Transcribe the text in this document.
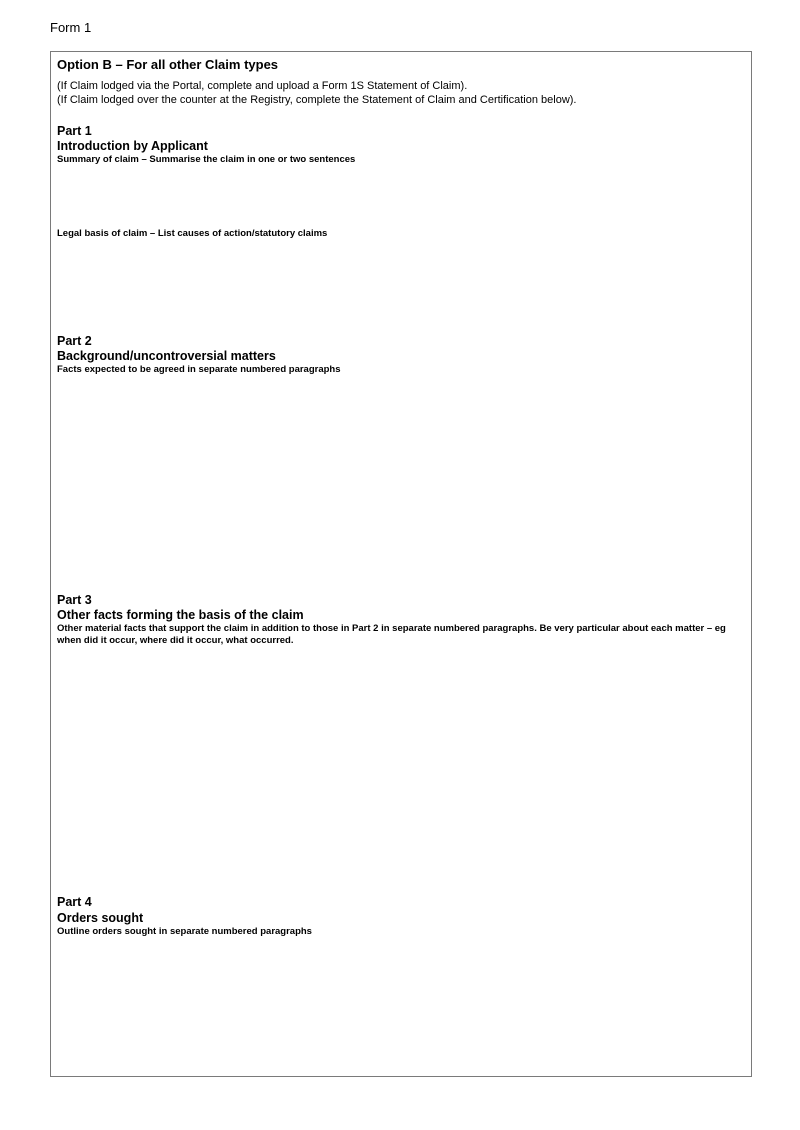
Form 1
Option B – For all other Claim types
(If Claim lodged via the Portal, complete and upload a Form 1S Statement of Claim).
(If Claim lodged over the counter at the Registry, complete the Statement of Claim and Certification below).
Part 1
Introduction by Applicant
Summary of claim – Summarise the claim in one or two sentences
Legal basis of claim – List causes of action/statutory claims
Part 2
Background/uncontroversial matters
Facts expected to be agreed in separate numbered paragraphs
Part 3
Other facts forming the basis of the claim
Other material facts that support the claim in addition to those in Part 2 in separate numbered paragraphs. Be very particular about each matter – eg when did it occur, where did it occur, what occurred.
Part 4
Orders sought
Outline orders sought in separate numbered paragraphs
